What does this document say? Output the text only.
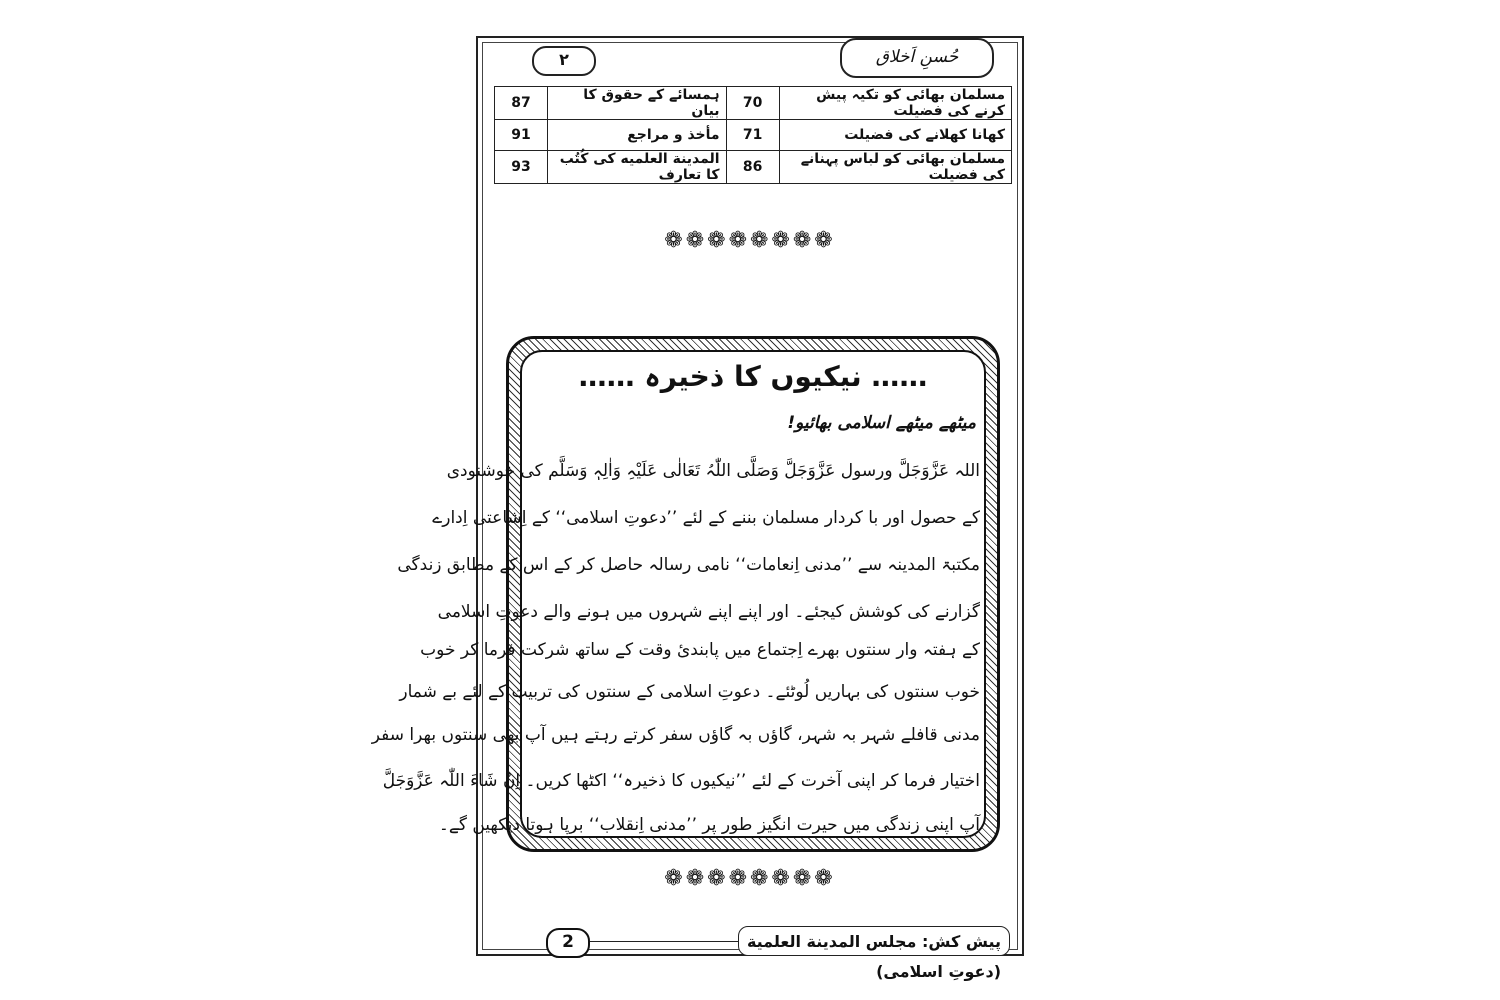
۲	حُسنِ اَخلاق
مسلمان بھائی کو تکیہ پیش کرنے کی فضیلت	70	ہمسائے کے حقوق کا بیان	87
کھانا کھلانے کی فضیلت	71	مأخذ و مراجع	91
مسلمان بھائی کو لباس پہنانے کی فضیلت	86	المدينة العلميه کی کُتُب کا تعارف	93
❁❁❁❁❁❁❁❁
…… نیکیوں کا ذخیرہ ……
میٹھے میٹھے اسلامی بھائیو!
اللہ عَزَّوَجَلَّ ورسول عَزَّوَجَلَّ وَصَلَّی اللّٰہُ تَعَالٰی عَلَیْہِ وَاٰلِہٖ وَسَلَّم کی خوشنودی
کے حصول اور با کردار مسلمان بننے کے لئے ’’دعوتِ اسلامی‘‘ کے اِشاعتی اِدارے
مکتبۃ المدینہ سے ’’مدنی اِنعامات‘‘ نامی رسالہ حاصل کر کے اس کے مطابق زندگی
گزارنے کی کوشش کیجئے۔ اور اپنے اپنے شہروں میں ہونے والے دعوتِ اسلامی
کے ہفتہ وار سنتوں بھرے اِجتماع میں پابندیٔ وقت کے ساتھ شرکت فرما کر خوب
خوب سنتوں کی بہاریں لُوٹئے۔ دعوتِ اسلامی کے سنتوں کی تربیت کے لئے بے شمار
مدنی قافلے شہر بہ شہر، گاؤں بہ گاؤں سفر کرتے رہتے ہیں آپ بھی سنتوں بھرا سفر
اختیار فرما کر اپنی آخرت کے لئے ’’نیکیوں کا ذخیرہ‘‘ اکٹھا کریں۔ اِنْ شَاءَ اللّٰہ عَزَّوَجَلَّ
آپ اپنی زندگی میں حیرت انگیز طور پر ’’مدنی اِنقلاب‘‘ برپا ہوتا دیکھیں گے۔
❁❁❁❁❁❁❁❁
2	پیش کش: مجلس المدينة العلمية (دعوتِ اسلامی)
